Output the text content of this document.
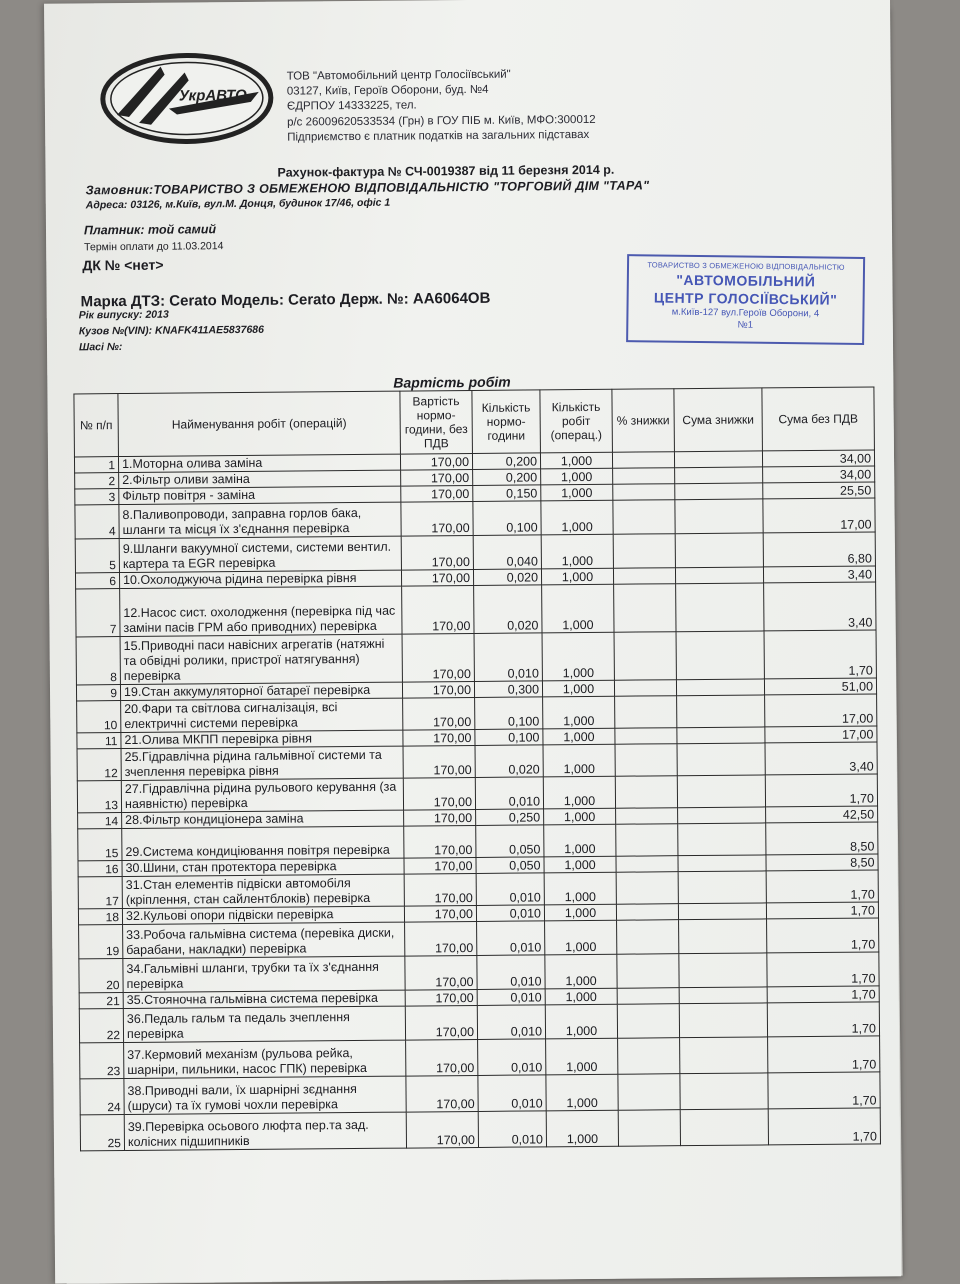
УкрАВТО
ТОВ "Автомобільний центр Голосіївський"
03127, Київ, Героїв Оборони, буд. №4
ЄДРПОУ 14333225, тел.
р/с 26009620533534 (Грн) в ГОУ ПІБ м. Київ, МФО:300012
Підприємство є платник податків на загальних підставах
Рахунок-фактура № СЧ-0019387 від 11 березня 2014 р.
Замовник:ТОВАРИСТВО З ОБМЕЖЕНОЮ ВІДПОВІДАЛЬНІСТЮ "ТОРГОВИЙ ДІМ "ТАРА"
Адреса: 03126, м.Київ, вул.М. Донця, будинок 17/46, офіс 1
Платник: той самий
Термін оплати до 11.03.2014
ДК № <нет>
Марка ДТЗ: Cerato Модель: Cerato Держ. №: AA6064OB
Рік випуску: 2013
Кузов №(VIN): KNAFK411AE5837686
Шасі №:
ТОВАРИСТВО З ОБМЕЖЕНОЮ ВІДПОВІДАЛЬНІСТЮ
"АВТОМОБІЛЬНИЙ
ЦЕНТР ГОЛОСІЇВСЬКИЙ"
м.Київ-127 вул.Героїв Оборони, 4
№1
Вартість робіт
№ п/п	Найменування робіт (операцій)	Вартість нормо-години, без ПДВ	Кількість нормо-години	Кількість робіт (операц.)	% знижки	Сума знижки	Сума без ПДВ
1	1.Моторна олива заміна	170,00	0,200	1,000			34,00
2	2.Фільтр оливи заміна	170,00	0,200	1,000			34,00
3	Фільтр повітря - заміна	170,00	0,150	1,000			25,50
4	8.Паливопроводи, заправна горлов бака, шланги та місця їх з'єднання перевірка	170,00	0,100	1,000			17,00
5	9.Шланги вакуумної системи, системи вентил. картера та EGR перевірка	170,00	0,040	1,000			6,80
6	10.Охолоджуюча рідина перевірка рівня	170,00	0,020	1,000			3,40
7	12.Насос сист. охолодження (перевірка під час заміни пасів ГРМ або приводних) перевірка	170,00	0,020	1,000			3,40
8	15.Приводні паси навісних агрегатів (натяжні та обвідні ролики, пристрої натягування) перевірка	170,00	0,010	1,000			1,70
9	19.Стан аккумуляторної батареї перевірка	170,00	0,300	1,000			51,00
10	20.Фари та світлова сигналізація, всі електричні системи перевірка	170,00	0,100	1,000			17,00
11	21.Олива МКПП перевірка рівня	170,00	0,100	1,000			17,00
12	25.Гідравлічна рідина гальмівної системи та зчеплення перевірка рівня	170,00	0,020	1,000			3,40
13	27.Гідравлічна рідина рульового керування (за наявністю) перевірка	170,00	0,010	1,000			1,70
14	28.Фільтр кондиціонера заміна	170,00	0,250	1,000			42,50
15	29.Система кондиціювання повітря перевірка	170,00	0,050	1,000			8,50
16	30.Шини, стан протектора перевірка	170,00	0,050	1,000			8,50
17	31.Стан елементів підвіски автомобіля (кріплення, стан сайлентблоків) перевірка	170,00	0,010	1,000			1,70
18	32.Кульові опори підвіски перевірка	170,00	0,010	1,000			1,70
19	33.Робоча гальмівна система (перевіка диски, барабани, накладки) перевірка	170,00	0,010	1,000			1,70
20	34.Гальмівні шланги, трубки та їх з'єднання перевірка	170,00	0,010	1,000			1,70
21	35.Стояночна гальмівна система перевірка	170,00	0,010	1,000			1,70
22	36.Педаль гальм та педаль зчеплення перевірка	170,00	0,010	1,000			1,70
23	37.Кермовий механізм (рульова рейка, шарніри, пильники, насос ГПК) перевірка	170,00	0,010	1,000			1,70
24	38.Приводні вали, їх шарнірні зєднання (шруси) та їх гумові чохли перевірка	170,00	0,010	1,000			1,70
25	39.Перевірка осьового люфта пер.та зад. колісних підшипників	170,00	0,010	1,000			1,70
